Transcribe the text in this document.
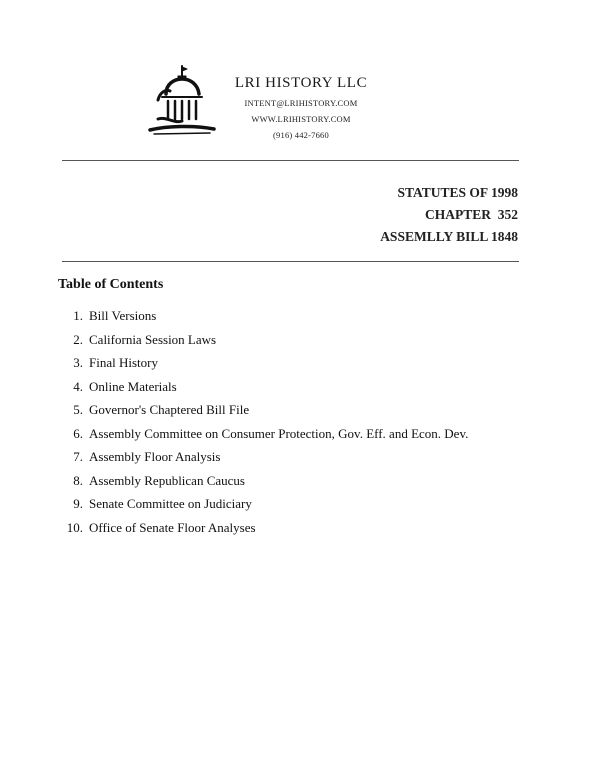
LRI HISTORY LLC
INTENT@LRIHISTORY.COM
WWW.LRIHISTORY.COM
(916) 442-7660
STATUTES OF 1998
CHAPTER  352
ASSEMLLY BILL 1848
Table of Contents
1. Bill Versions
2. California Session Laws
3. Final History
4. Online Materials
5. Governor's Chaptered Bill File
6. Assembly Committee on Consumer Protection, Gov. Eff. and Econ. Dev.
7. Assembly Floor Analysis
8. Assembly Republican Caucus
9. Senate Committee on Judiciary
10. Office of Senate Floor Analyses
